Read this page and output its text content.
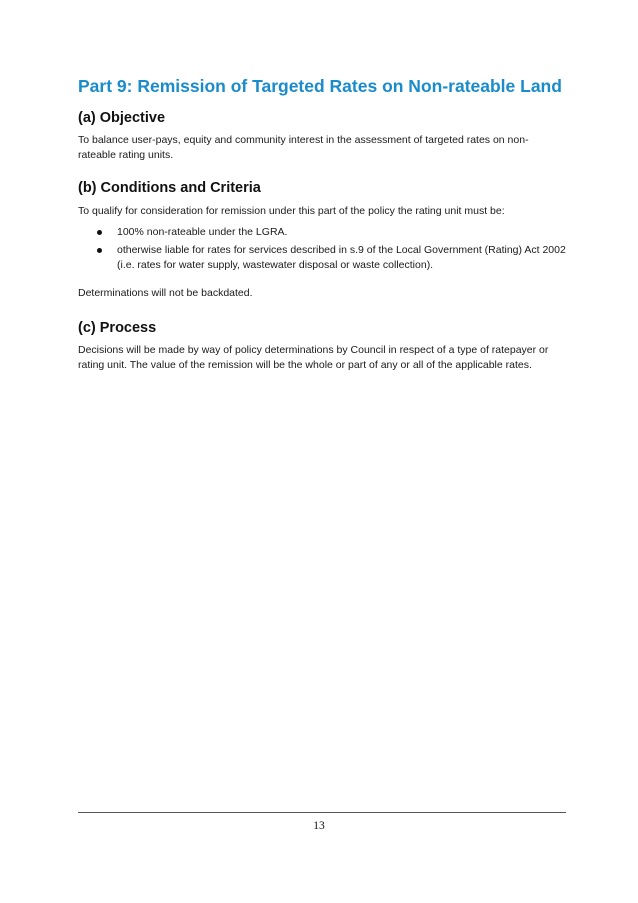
Part 9: Remission of Targeted Rates on Non-rateable Land
(a) Objective

To balance user-pays, equity and community interest in the assessment of targeted rates on non-rateable rating units.

(b) Conditions and Criteria

To qualify for consideration for remission under this part of the policy the rating unit must be:

100% non-rateable under the LGRA.
otherwise liable for rates for services described in s.9 of the Local Government (Rating) Act 2002 (i.e. rates for water supply, wastewater disposal or waste collection).

Determinations will not be backdated.

(c) Process

Decisions will be made by way of policy determinations by Council in respect of a type of ratepayer or rating unit. The value of the remission will be the whole or part of any or all of the applicable rates.

13
